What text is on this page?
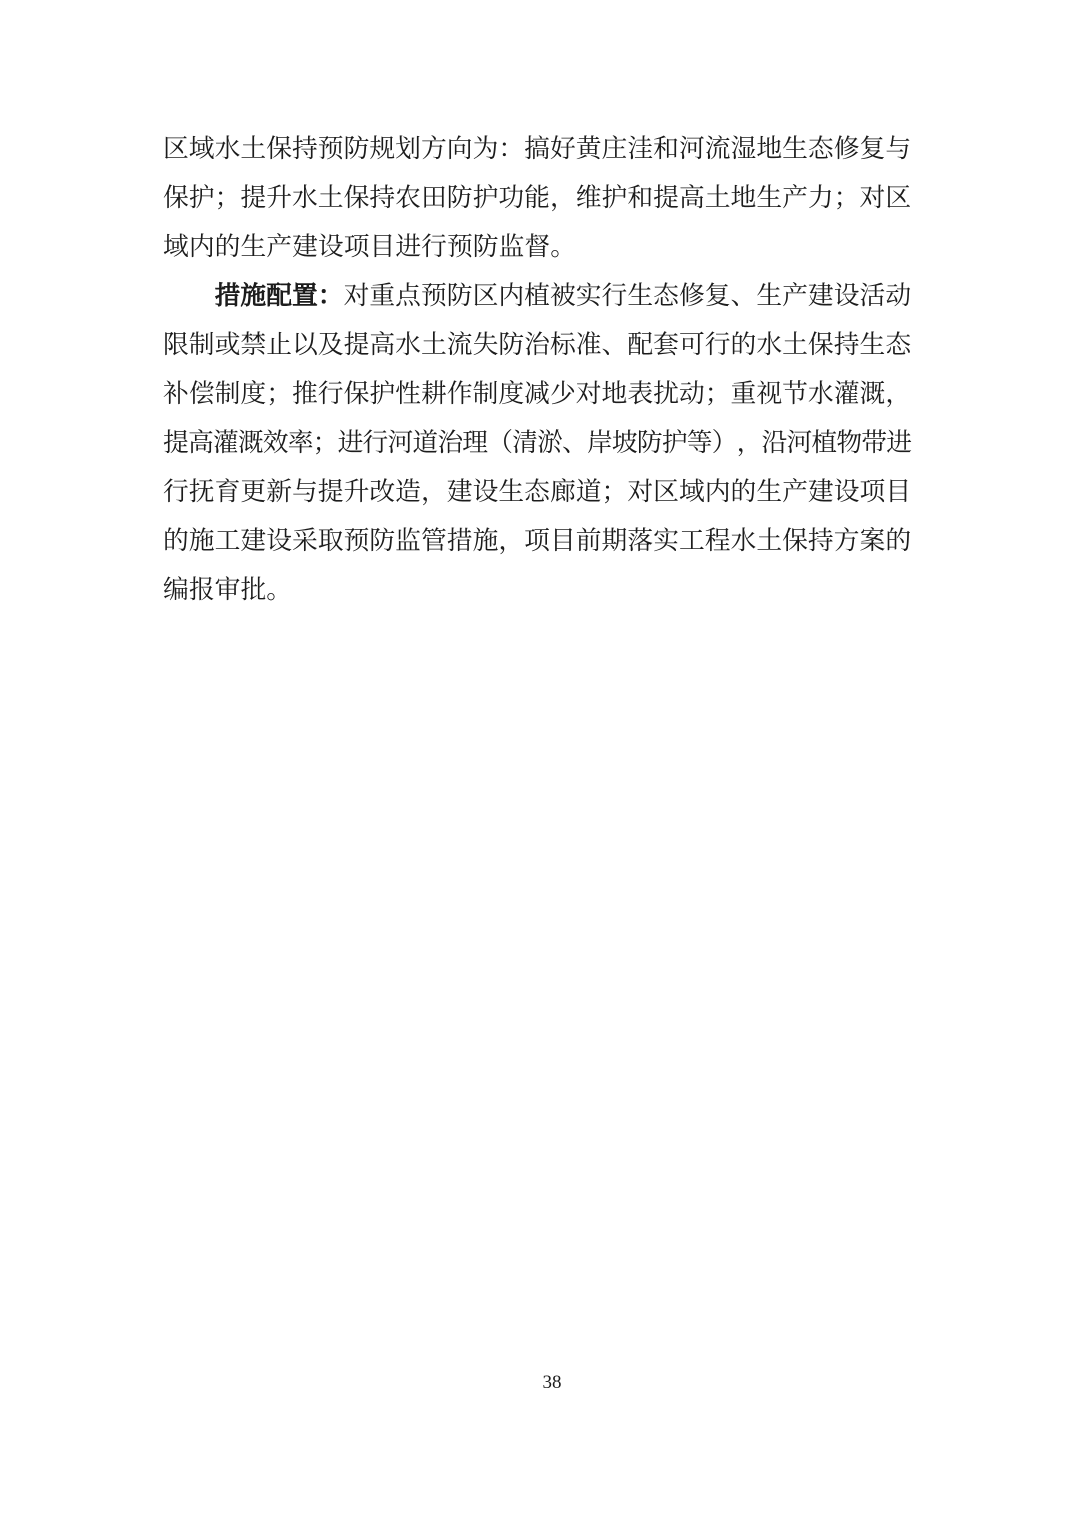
区 域 水 土 保 持 预 防 规 划 方 向 为 ： 搞 好 黄 庄 洼 和 河 流 湿 地 生 态 修 复 与
保 护 ； 提 升 水 土 保 持 农 田 防 护 功 能 ， 维 护 和 提 高 土 地 生 产 力 ； 对 区
域 内 的 生 产 建 设 项 目 进 行 预 防 监 督 。
措 施 配 置 ： 对 重 点 预 防 区 内 植 被 实 行 生 态 修 复 、 生 产 建 设 活 动
限 制 或 禁 止 以 及 提 高 水 土 流 失 防 治 标 准 、 配 套 可 行 的 水 土 保 持 生 态
补 偿 制 度 ； 推 行 保 护 性 耕 作 制 度 减 少 对 地 表 扰 动 ； 重 视 节 水 灌 溉 ，
提 高 灌 溉 效 率 ； 进 行 河 道 治 理 （ 清 淤 、 岸 坡 防 护 等 ） ， 沿 河 植 物 带 进
行 抚 育 更 新 与 提 升 改 造 ， 建 设 生 态 廊 道 ； 对 区 域 内 的 生 产 建 设 项 目
的 施 工 建 设 采 取 预 防 监 管 措 施 ， 项 目 前 期 落 实 工 程 水 土 保 持 方 案 的
编 报 审 批 。
38
